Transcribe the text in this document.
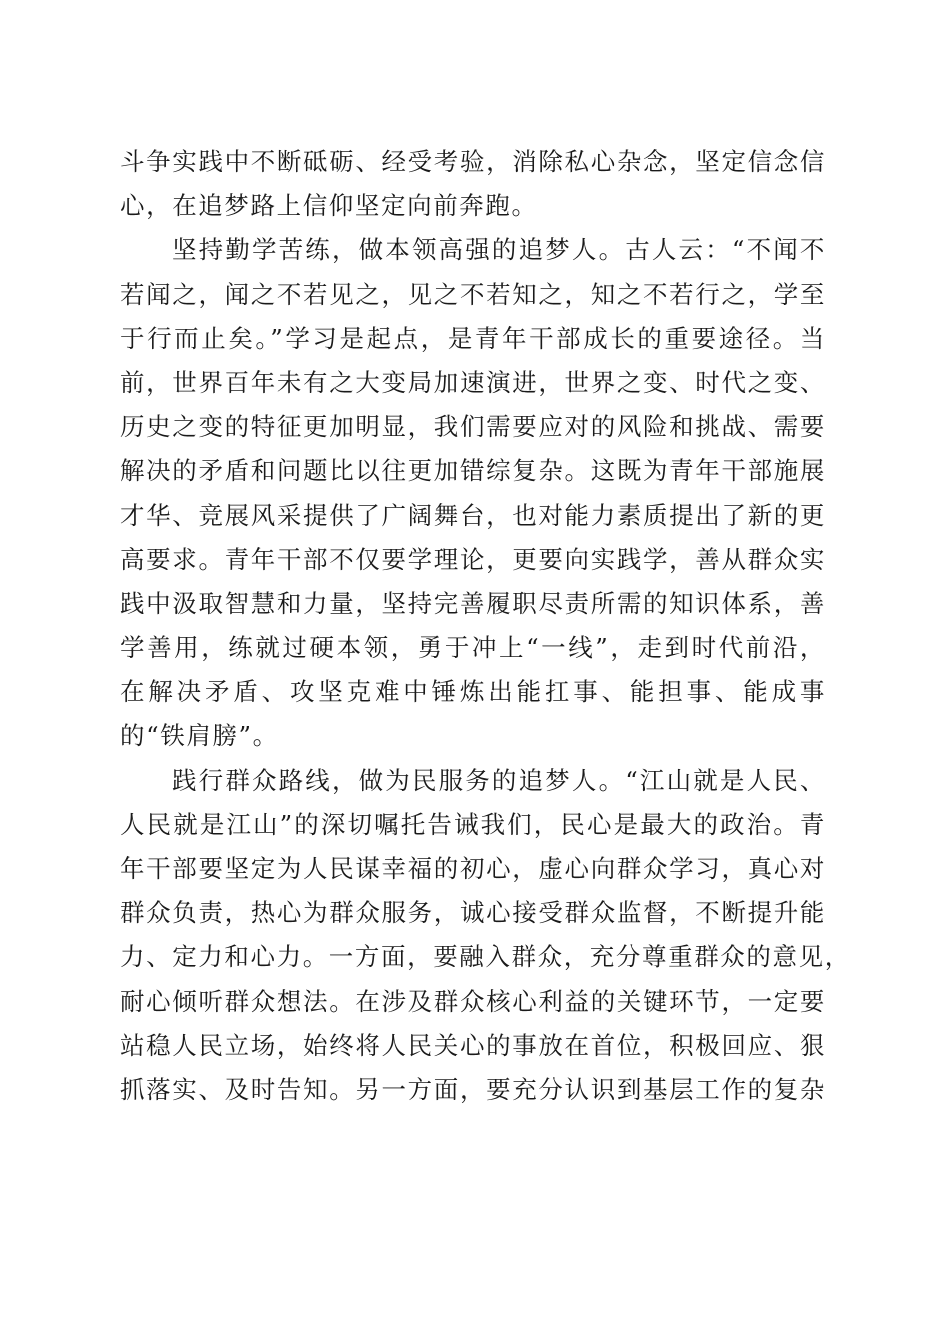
斗争实践中不断砥砺、经受考验，消除私心杂念，坚定信念信
心，在追梦路上信仰坚定向前奔跑。
坚持勤学苦练，做本领高强的追梦人。古人云：“不闻不
若闻之，闻之不若见之，见之不若知之，知之不若行之，学至
于行而止矣。”学习是起点，是青年干部成长的重要途径。当
前，世界百年未有之大变局加速演进，世界之变、时代之变、
历史之变的特征更加明显，我们需要应对的风险和挑战、需要
解决的矛盾和问题比以往更加错综复杂。这既为青年干部施展
才华、竞展风采提供了广阔舞台，也对能力素质提出了新的更
高要求。青年干部不仅要学理论，更要向实践学，善从群众实
践中汲取智慧和力量，坚持完善履职尽责所需的知识体系，善
学善用，练就过硬本领，勇于冲上“一线”，走到时代前沿，
在解决矛盾、攻坚克难中锤炼出能扛事、能担事、能成事
的“铁肩膀”。
践行群众路线，做为民服务的追梦人。“江山就是人民、
人民就是江山”的深切嘱托告诫我们，民心是最大的政治。青
年干部要坚定为人民谋幸福的初心，虚心向群众学习，真心对
群众负责，热心为群众服务，诚心接受群众监督，不断提升能
力、定力和心力。一方面，要融入群众，充分尊重群众的意见，
耐心倾听群众想法。在涉及群众核心利益的关键环节，一定要
站稳人民立场，始终将人民关心的事放在首位，积极回应、狠
抓落实、及时告知。另一方面，要充分认识到基层工作的复杂
